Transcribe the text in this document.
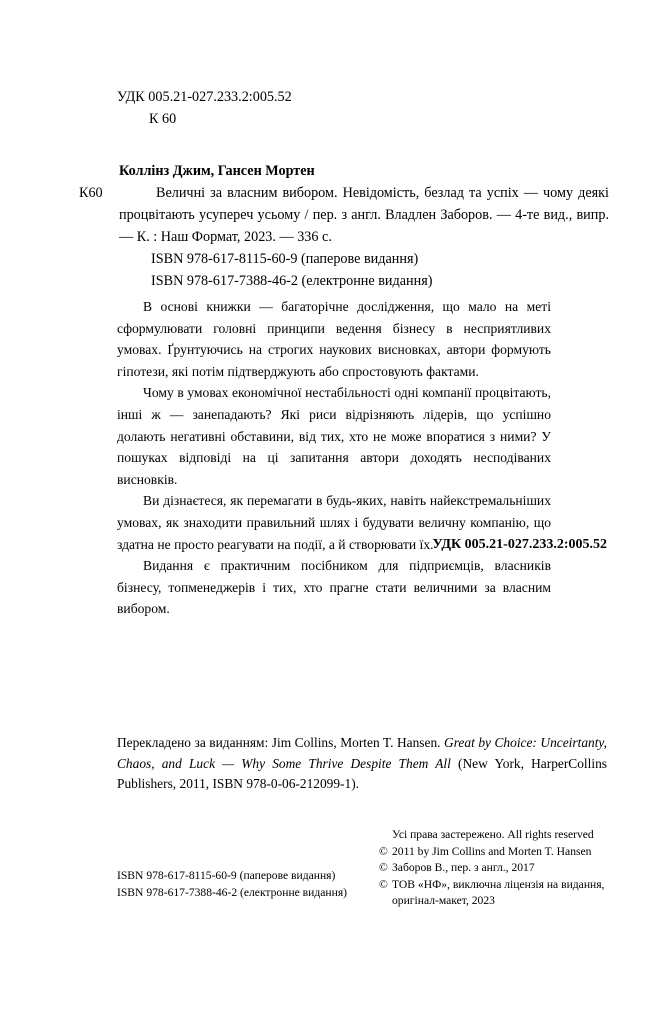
УДК 005.21-027.233.2:005.52
К 60
Коллінз Джим, Гансен Мортен
К60	Величні за власним вибором. Невідомість, безлад та успіх — чому деякі процвітають усупереч усьому / пер. з англ. Владлен Заборов. — 4-те вид., випр. — К. : Наш Формат, 2023. — 336 с.
ISBN 978-617-8115-60-9 (паперове видання)
ISBN 978-617-7388-46-2 (електронне видання)

В основі книжки — багаторічне дослідження, що мало на меті сформулювати головні принципи ведення бізнесу в несприятливих умовах. Ґрунтуючись на строгих наукових висновках, автори формують гіпотези, які потім підтверджують або спростовують фактами.

Чому в умовах економічної нестабільності одні компанії процвітають, інші ж — занепадають? Які риси відрізняють лідерів, що успішно долають негативні обставини, від тих, хто не може впоратися з ними? У пошуках відповіді на ці запитання автори доходять несподіваних висновків.

Ви дізнаєтеся, як перемагати в будь-яких, навіть найекстремальніших умовах, як знаходити правильний шлях і будувати величну компанію, що здатна не просто реагувати на події, а й створювати їх.

Видання є практичним посібником для підприємців, власників бізнесу, топменеджерів і тих, хто прагне стати величними за власним вибором.

УДК 005.21-027.233.2:005.52
Перекладено за виданням: Jim Collins, Morten T. Hansen. Great by Choice: Unceirtanty, Chaos, and Luck — Why Some Thrive Despite Them All (New York, HarperCollins Publishers, 2011, ISBN 978-0-06-212099-1).
ISBN 978-617-8115-60-9 (паперове видання)
ISBN 978-617-7388-46-2 (електронне видання)
Усі права застережено. All rights reserved
© 2011 by Jim Collins and Morten T. Hansen
© Заборов В., пер. з англ., 2017
© ТОВ «НФ», виключна ліцензія на видання, оригінал-макет, 2023
